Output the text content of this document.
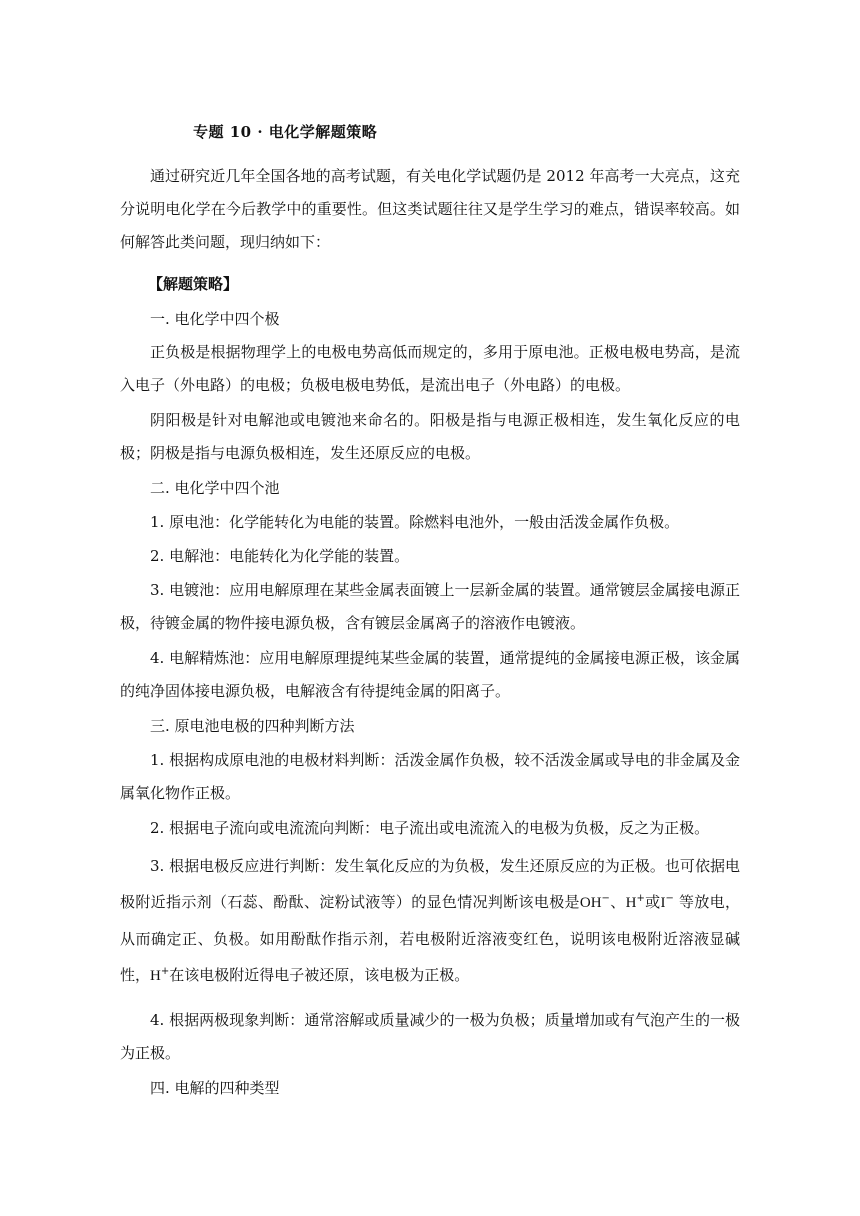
专题 10 · 电化学解题策略

通过研究近几年全国各地的高考试题，有关电化学试题仍是 2012 年高考一大亮点，这充分说明电化学在今后教学中的重要性。但这类试题往往又是学生学习的难点，错误率较高。如何解答此类问题，现归纳如下：

【解题策略】

一. 电化学中四个极

正负极是根据物理学上的电极电势高低而规定的，多用于原电池。正极电极电势高，是流入电子（外电路）的电极；负极电极电势低，是流出电子（外电路）的电极。

阴阳极是针对电解池或电镀池来命名的。阳极是指与电源正极相连，发生氧化反应的电极；阴极是指与电源负极相连，发生还原反应的电极。

二. 电化学中四个池

1. 原电池：化学能转化为电能的装置。除燃料电池外，一般由活泼金属作负极。

2. 电解池：电能转化为化学能的装置。

3. 电镀池：应用电解原理在某些金属表面镀上一层新金属的装置。通常镀层金属接电源正极，待镀金属的物件接电源负极，含有镀层金属离子的溶液作电镀液。

4. 电解精炼池：应用电解原理提纯某些金属的装置，通常提纯的金属接电源正极，该金属的纯净固体接电源负极，电解液含有待提纯金属的阳离子。

三. 原电池电极的四种判断方法

1. 根据构成原电池的电极材料判断：活泼金属作负极，较不活泼金属或导电的非金属及金属氧化物作正极。

2. 根据电子流向或电流流向判断：电子流出或电流流入的电极为负极，反之为正极。

3. 根据电极反应进行判断：发生氧化反应的为负极，发生还原反应的为正极。也可依据电极附近指示剂（石蕊、酚酞、淀粉试液等）的显色情况判断该电极是OH−、H+或I− 等放电，从而确定正、负极。如用酚酞作指示剂，若电极附近溶液变红色，说明该电极附近溶液显碱性，H+在该电极附近得电子被还原，该电极为正极。

4. 根据两极现象判断：通常溶解或质量减少的一极为负极；质量增加或有气泡产生的一极为正极。

四. 电解的四种类型
